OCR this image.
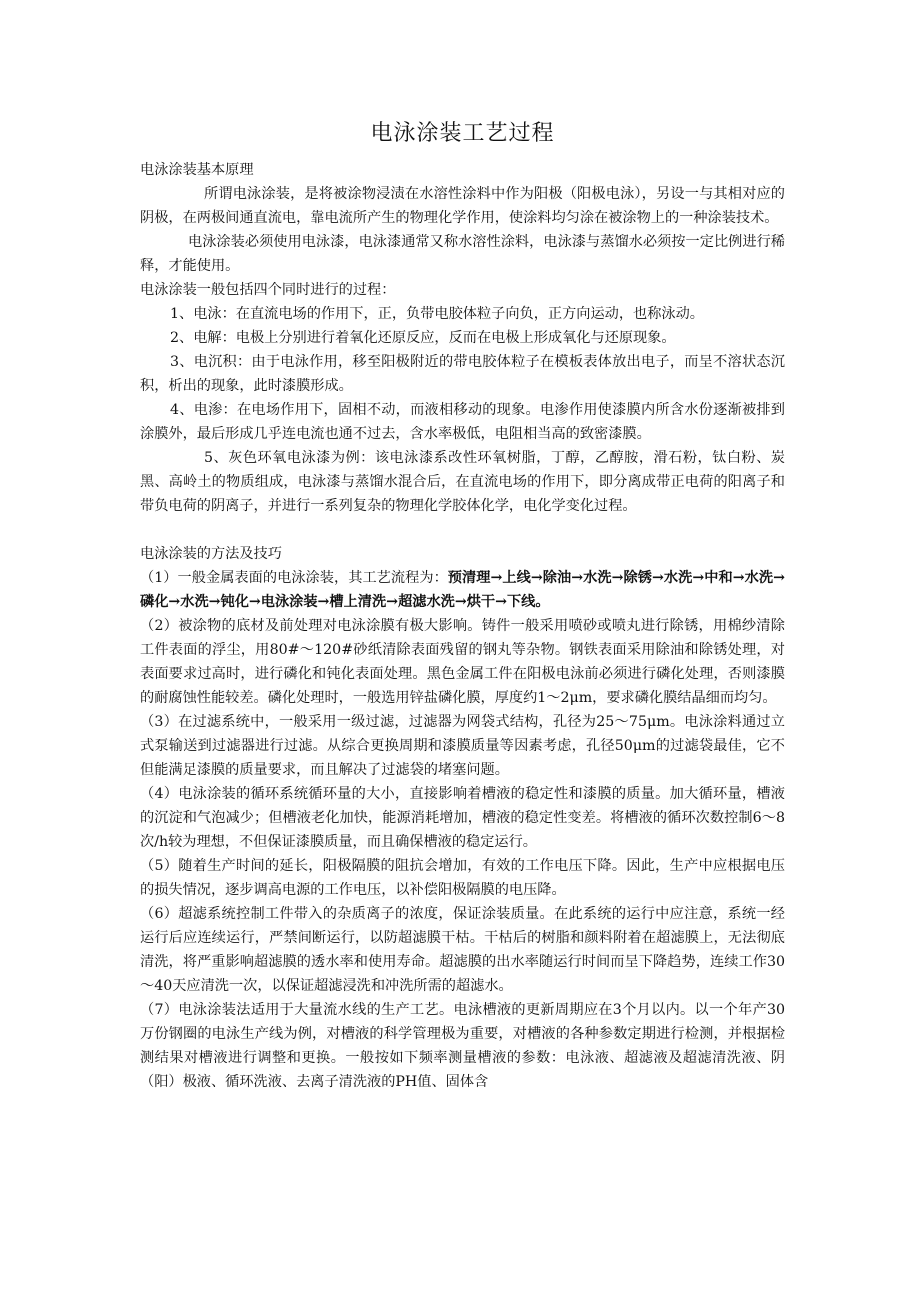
电泳涂装工艺过程

电泳涂装基本原理

所谓电泳涂装，是将被涂物浸渍在水溶性涂料中作为阳极（阳极电泳），另设一与其相对应的阴极，在两极间通直流电，靠电流所产生的物理化学作用，使涂料均匀涂在被涂物上的一种涂装技术。

电泳涂装必须使用电泳漆，电泳漆通常又称水溶性涂料，电泳漆与蒸馏水必须按一定比例进行稀释，才能使用。

电泳涂装一般包括四个同时进行的过程：

1、电泳：在直流电场的作用下，正，负带电胶体粒子向负，正方向运动，也称泳动。

2、电解：电极上分别进行着氧化还原反应，反而在电极上形成氧化与还原现象。

3、电沉积：由于电泳作用，移至阳极附近的带电胶体粒子在模板表体放出电子，而呈不溶状态沉积，析出的现象，此时漆膜形成。

4、电渗：在电场作用下，固相不动，而液相移动的现象。电渗作用使漆膜内所含水份逐渐被排到涂膜外，最后形成几乎连电流也通不过去，含水率极低，电阻相当高的致密漆膜。

5、灰色环氧电泳漆为例：该电泳漆系改性环氧树脂，丁醇，乙醇胺，滑石粉，钛白粉、炭黑、高岭土的物质组成，电泳漆与蒸馏水混合后，在直流电场的作用下，即分离成带正电荷的阳离子和带负电荷的阴离子，并进行一系列复杂的物理化学胶体化学，电化学变化过程。

电泳涂装的方法及技巧

（1）一般金属表面的电泳涂装，其工艺流程为：预清理→上线→除油→水洗→除锈→水洗→中和→水洗→磷化→水洗→钝化→电泳涂装→槽上清洗→超滤水洗→烘干→下线。

（2）被涂物的底材及前处理对电泳涂膜有极大影响。铸件一般采用喷砂或喷丸进行除锈，用棉纱清除工件表面的浮尘，用80#～120#砂纸清除表面残留的钢丸等杂物。钢铁表面采用除油和除锈处理，对表面要求过高时，进行磷化和钝化表面处理。黑色金属工件在阳极电泳前必须进行磷化处理，否则漆膜的耐腐蚀性能较差。磷化处理时，一般选用锌盐磷化膜，厚度约1～2μm，要求磷化膜结晶细而均匀。

（3）在过滤系统中，一般采用一级过滤，过滤器为网袋式结构，孔径为25～75μm。电泳涂料通过立式泵输送到过滤器进行过滤。从综合更换周期和漆膜质量等因素考虑，孔径50μm的过滤袋最佳，它不但能满足漆膜的质量要求，而且解决了过滤袋的堵塞问题。

（4）电泳涂装的循环系统循环量的大小，直接影响着槽液的稳定性和漆膜的质量。加大循环量，槽液的沉淀和气泡减少；但槽液老化加快，能源消耗增加，槽液的稳定性变差。将槽液的循环次数控制6～8次/h较为理想，不但保证漆膜质量，而且确保槽液的稳定运行。

（5）随着生产时间的延长，阳极隔膜的阻抗会增加，有效的工作电压下降。因此，生产中应根据电压的损失情况，逐步调高电源的工作电压，以补偿阳极隔膜的电压降。

（6）超滤系统控制工件带入的杂质离子的浓度，保证涂装质量。在此系统的运行中应注意，系统一经运行后应连续运行，严禁间断运行，以防超滤膜干枯。干枯后的树脂和颜料附着在超滤膜上，无法彻底清洗，将严重影响超滤膜的透水率和使用寿命。超滤膜的出水率随运行时间而呈下降趋势，连续工作30～40天应清洗一次，以保证超滤浸洗和冲洗所需的超滤水。

（7）电泳涂装法适用于大量流水线的生产工艺。电泳槽液的更新周期应在3个月以内。以一个年产30万份钢圈的电泳生产线为例，对槽液的科学管理极为重要，对槽液的各种参数定期进行检测，并根据检测结果对槽液进行调整和更换。一般按如下频率测量槽液的参数：电泳液、超滤液及超滤清洗液、阴（阳）极液、循环洗液、去离子清洗液的PH值、固体含
